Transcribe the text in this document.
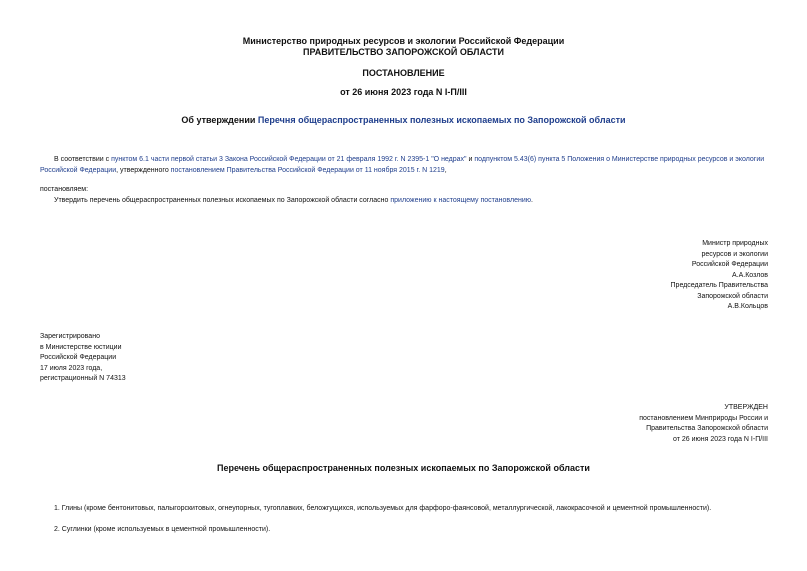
Министерство природных ресурсов и экологии Российской Федерации
ПРАВИТЕЛЬСТВО ЗАПОРОЖСКОЙ ОБЛАСТИ
ПОСТАНОВЛЕНИЕ
от 26 июня 2023 года N I-П/III
Об утверждении Перечня общераспространенных полезных ископаемых по Запорожской области
В соответствии с пунктом 6.1 части первой статьи 3 Закона Российской Федерации от 21 февраля 1992 г. N 2395-1 "О недрах" и подпунктом 5.43(6) пункта 5 Положения о Министерстве природных ресурсов и экологии Российской Федерации, утвержденного постановлением Правительства Российской Федерации от 11 ноября 2015 г. N 1219,
постановляем:
Утвердить перечень общераспространенных полезных ископаемых по Запорожской области согласно приложению к настоящему постановлению.
Министр природных
ресурсов и экологии
Российской Федерации
А.А.Козлов
Председатель Правительства
Запорожской области
А.В.Кольцов
Зарегистрировано
в Министерстве юстиции
Российской Федерации
17 июля 2023 года,
регистрационный N 74313
УТВЕРЖДЕН
постановлением Минприроды России и
Правительства Запорожской области
от 26 июня 2023 года N I-П/III
Перечень общераспространенных полезных ископаемых по Запорожской области
1. Глины (кроме бентонитовых, палыгорскитовых, огнеупорных, тугоплавких, беложгущихся, используемых для фарфоро-фаянсовой, металлургической, лакокрасочной и цементной промышленности).
2. Суглинки (кроме используемых в цементной промышленности).
